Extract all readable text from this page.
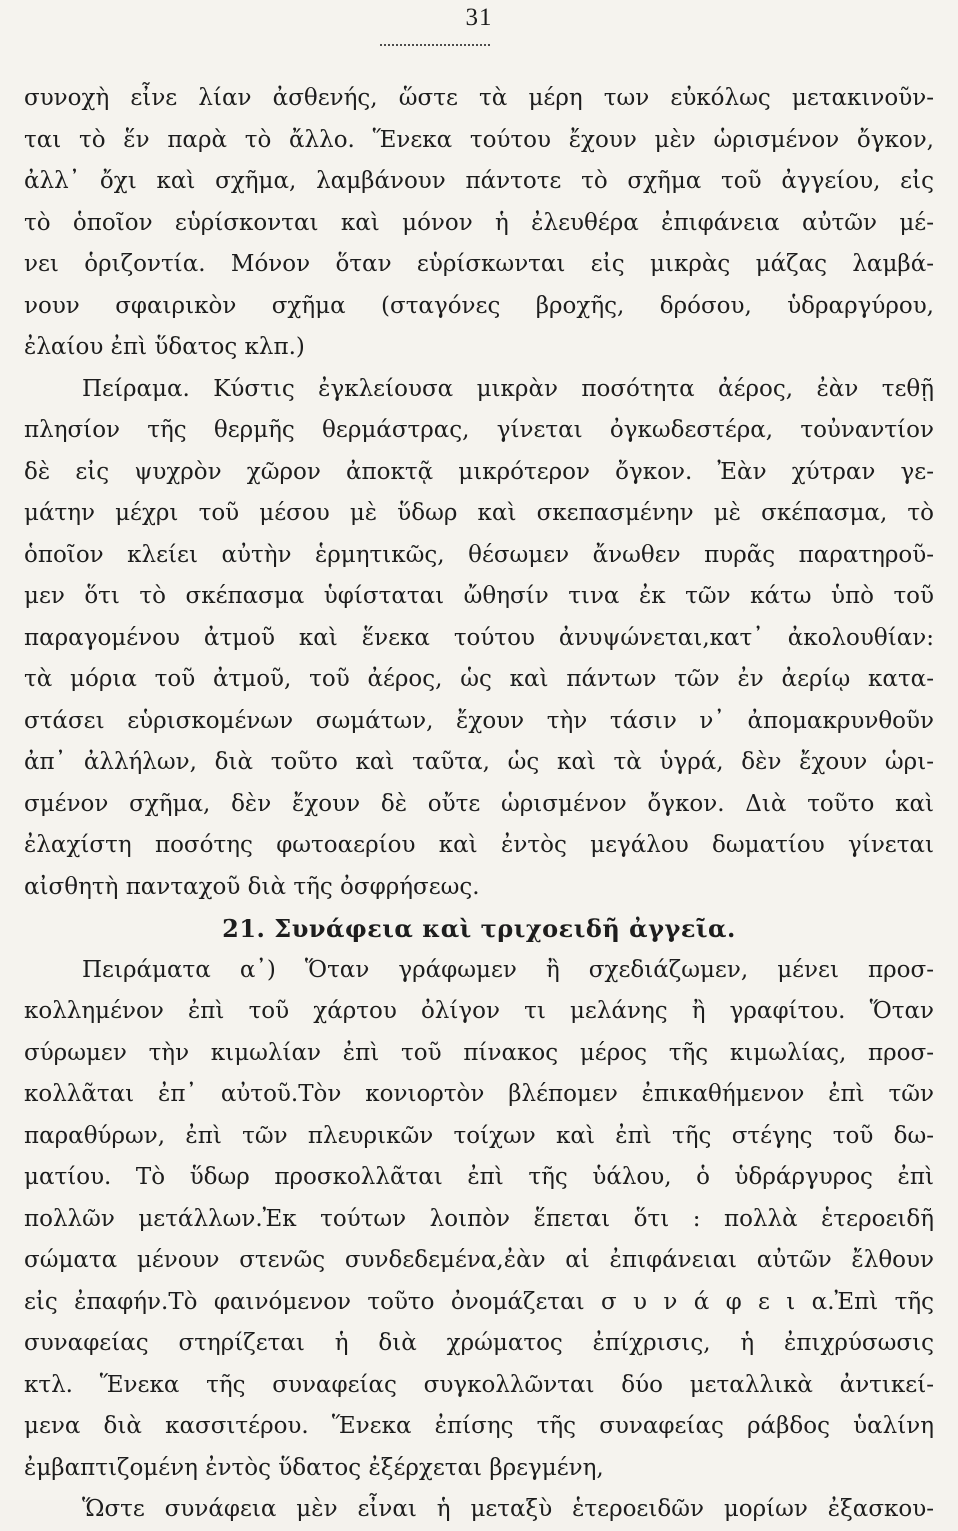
31
συνοχὴ εἶνε λίαν ἀσθενής, ὥστε τὰ μέρη των εὐκόλως μετακινοῦν-
ται τὸ ἕν παρὰ τὸ ἄλλο. Ἕνεκα τούτου ἔχουν μὲν ὡρισμένον ὄγκον,
ἀλλ᾽ ὄχι καὶ σχῆμα, λαμβάνουν πάντοτε τὸ σχῆμα τοῦ ἀγγείου, εἰς
τὸ ὁποῖον εὑρίσκονται καὶ μόνον ἡ ἐλευθέρα ἐπιφάνεια αὐτῶν μέ-
νει ὁριζοντία. Μόνον ὅταν εὑρίσκωνται εἰς μικρὰς μάζας λαμβά-
νουν σφαιρικὸν σχῆμα (σταγόνες βροχῆς, δρόσου, ὑδραργύρου,
ἐλαίου ἐπὶ ὕδατος κλπ.)
Πείραμα. Κύστις ἐγκλείουσα μικρὰν ποσότητα ἀέρος, ἐὰν τεθῇ
πλησίον τῆς θερμῆς θερμάστρας, γίνεται ὀγκωδεστέρα, τοὐναντίον
δὲ εἰς ψυχρὸν χῶρον ἀποκτᾷ μικρότερον ὄγκον. Ἐὰν χύτραν γε-
μάτην μέχρι τοῦ μέσου μὲ ὕδωρ καὶ σκεπασμένην μὲ σκέπασμα, τὸ
ὁποῖον κλείει αὐτὴν ἑρμητικῶς, θέσωμεν ἄνωθεν πυρᾶς παρατηροῦ-
μεν ὅτι τὸ σκέπασμα ὑφίσταται ὤθησίν τινα ἐκ τῶν κάτω ὑπὸ τοῦ
παραγομένου ἀτμοῦ καὶ ἕνεκα τούτου ἀνυψώνεται,κατ᾽ ἀκολουθίαν:
τὰ μόρια τοῦ ἀτμοῦ, τοῦ ἀέρος, ὡς καὶ πάντων τῶν ἐν ἀερίῳ κατα-
στάσει εὑρισκομένων σωμάτων, ἔχουν τὴν τάσιν ν᾽ ἀπομακρυνθοῦν
ἀπ᾽ ἀλλήλων, διὰ τοῦτο καὶ ταῦτα, ὡς καὶ τὰ ὑγρά, δὲν ἔχουν ὡρι-
σμένον σχῆμα, δὲν ἔχουν δὲ οὔτε ὡρισμένον ὄγκον. Διὰ τοῦτο καὶ
ἐλαχίστη ποσότης φωτοαερίου καὶ ἐντὸς μεγάλου δωματίου γίνεται
αἰσθητὴ πανταχοῦ διὰ τῆς ὀσφρήσεως.
21. Συνάφεια καὶ τριχοειδῆ ἀγγεῖα.
Πειράματα α᾽) Ὅταν γράφωμεν ἢ σχεδιάζωμεν, μένει προσ-
κολλημένον ἐπὶ τοῦ χάρτου ὀλίγον τι μελάνης ἢ γραφίτου. Ὅταν
σύρωμεν τὴν κιμωλίαν ἐπὶ τοῦ πίνακος μέρος τῆς κιμωλίας, προσ-
κολλᾶται ἐπ᾽ αὐτοῦ.Τὸν κονιορτὸν βλέπομεν ἐπικαθήμενον ἐπὶ τῶν
παραθύρων, ἐπὶ τῶν πλευρικῶν τοίχων καὶ ἐπὶ τῆς στέγης τοῦ δω-
ματίου. Τὸ ὕδωρ προσκολλᾶται ἐπὶ τῆς ὑάλου, ὁ ὑδράργυρος ἐπὶ
πολλῶν μετάλλων.Ἐκ τούτων λοιπὸν ἕπεται ὅτι : πολλὰ ἑτεροειδῆ
σώματα μένουν στενῶς συνδεδεμένα,ἐὰν αἱ ἐπιφάνειαι αὐτῶν ἔλθουν
εἰς ἐπαφήν.Τὸ φαινόμενον τοῦτο ὀνομάζεται σ υ ν ά φ ε ι α.Ἐπὶ τῆς
συναφείας στηρίζεται ἡ διὰ χρώματος ἐπίχρισις, ἡ ἐπιχρύσωσις
κτλ. Ἕνεκα τῆς συναφείας συγκολλῶνται δύο μεταλλικὰ ἀντικεί-
μενα διὰ κασσιτέρου. Ἕνεκα ἐπίσης τῆς συναφείας ράβδος ὑαλίνη
ἐμβαπτιζομένη ἐντὸς ὕδατος ἐξέρχεται βρεγμένη,
Ὥστε συνάφεια μὲν εἶναι ἡ μεταξὺ ἑτεροειδῶν μορίων ἐξασκου-
